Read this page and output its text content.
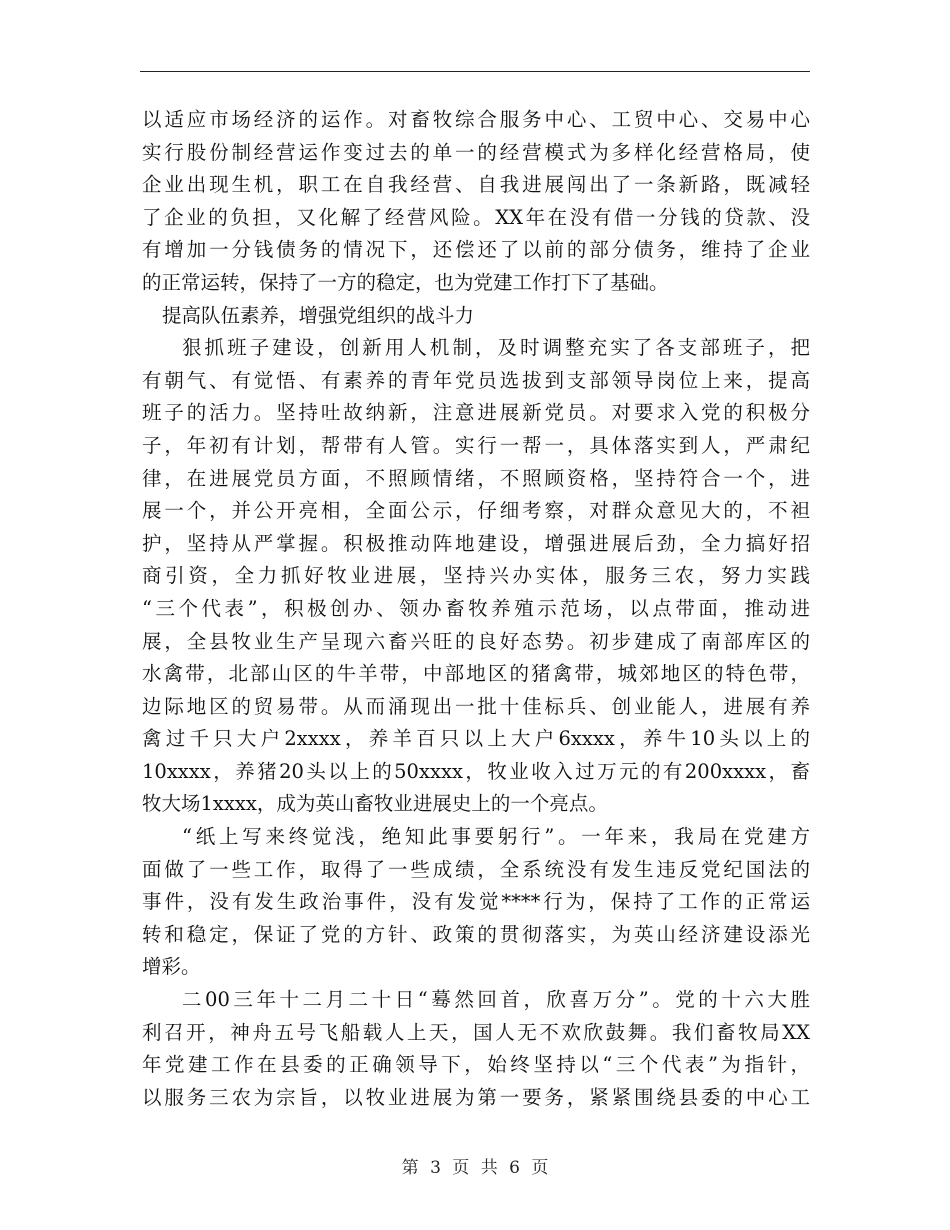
以适应市场经济的运作。对畜牧综合服务中心、工贸中心、交易中心
实行股份制经营运作变过去的单一的经营模式为多样化经营格局，使
企业出现生机，职工在自我经营、自我进展闯出了一条新路，既减轻
了企业的负担，又化解了经营风险。XX年在没有借一分钱的贷款、没
有增加一分钱债务的情况下，还偿还了以前的部分债务，维持了企业
的正常运转，保持了一方的稳定，也为党建工作打下了基础。
提高队伍素养，增强党组织的战斗力
狠抓班子建设，创新用人机制，及时调整充实了各支部班子，把
有朝气、有觉悟、有素养的青年党员选拔到支部领导岗位上来，提高
班子的活力。坚持吐故纳新，注意进展新党员。对要求入党的积极分
子，年初有计划，帮带有人管。实行一帮一，具体落实到人，严肃纪
律，在进展党员方面，不照顾情绪，不照顾资格，坚持符合一个，进
展一个，并公开亮相，全面公示，仔细考察，对群众意见大的，不袒
护，坚持从严掌握。积极推动阵地建设，增强进展后劲，全力搞好招
商引资，全力抓好牧业进展，坚持兴办实体，服务三农，努力实践
“三个代表”，积极创办、领办畜牧养殖示范场，以点带面，推动进
展，全县牧业生产呈现六畜兴旺的良好态势。初步建成了南部库区的
水禽带，北部山区的牛羊带，中部地区的猪禽带，城郊地区的特色带，
边际地区的贸易带。从而涌现出一批十佳标兵、创业能人，进展有养
禽过千只大户2xxxx，养羊百只以上大户6xxxx，养牛10头以上的
10xxxx，养猪20头以上的50xxxx，牧业收入过万元的有200xxxx，畜
牧大场1xxxx，成为英山畜牧业进展史上的一个亮点。
“纸上写来终觉浅，绝知此事要躬行”。一年来，我局在党建方
面做了一些工作，取得了一些成绩，全系统没有发生违反党纪国法的
事件，没有发生政治事件，没有发觉****行为，保持了工作的正常运
转和稳定，保证了党的方针、政策的贯彻落实，为英山经济建设添光
增彩。
二00三年十二月二十日“蓦然回首，欣喜万分”。党的十六大胜
利召开，神舟五号飞船载人上天，国人无不欢欣鼓舞。我们畜牧局XX
年党建工作在县委的正确领导下，始终坚持以“三个代表”为指针，
以服务三农为宗旨，以牧业进展为第一要务，紧紧围绕县委的中心工
第 3 页 共 6 页
